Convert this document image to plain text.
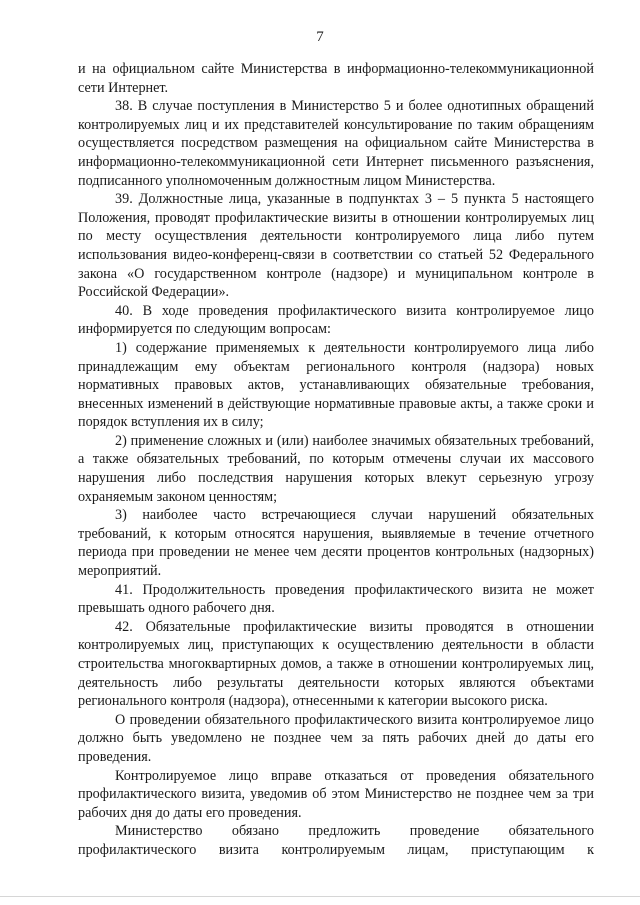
7

и на официальном сайте Министерства в информационно-телекоммуникационной сети Интернет.

38. В случае поступления в Министерство 5 и более однотипных обращений контролируемых лиц и их представителей консультирование по таким обращениям осуществляется посредством размещения на официальном сайте Министерства в информационно-телекоммуникационной сети Интернет письменного разъяснения, подписанного уполномоченным должностным лицом Министерства.

39. Должностные лица, указанные в подпунктах 3 – 5 пункта 5 настоящего Положения, проводят профилактические визиты в отношении контролируемых лиц по месту осуществления деятельности контролируемого лица либо путем использования видео-конференц-связи в соответствии со статьей 52 Федерального закона «О государственном контроле (надзоре) и муниципальном контроле в Российской Федерации».

40. В ходе проведения профилактического визита контролируемое лицо информируется по следующим вопросам:

1) содержание применяемых к деятельности контролируемого лица либо принадлежащим ему объектам регионального контроля (надзора) новых нормативных правовых актов, устанавливающих обязательные требования, внесенных изменений в действующие нормативные правовые акты, а также сроки и порядок вступления их в силу;

2) применение сложных и (или) наиболее значимых обязательных требований, а также обязательных требований, по которым отмечены случаи их массового нарушения либо последствия нарушения которых влекут серьезную угрозу охраняемым законом ценностям;

3) наиболее часто встречающиеся случаи нарушений обязательных требований, к которым относятся нарушения, выявляемые в течение отчетного периода при проведении не менее чем десяти процентов контрольных (надзорных) мероприятий.

41. Продолжительность проведения профилактического визита не может превышать одного рабочего дня.

42. Обязательные профилактические визиты проводятся в отношении контролируемых лиц, приступающих к осуществлению деятельности в области строительства многоквартирных домов, а также в отношении контролируемых лиц, деятельность либо результаты деятельности которых являются объектами регионального контроля (надзора), отнесенными к категории высокого риска.

О проведении обязательного профилактического визита контролируемое лицо должно быть уведомлено не позднее чем за пять рабочих дней до даты его проведения.

Контролируемое лицо вправе отказаться от проведения обязательного профилактического визита, уведомив об этом Министерство не позднее чем за три рабочих дня до даты его проведения.

Министерство обязано предложить проведение обязательного профилактического визита контролируемым лицам, приступающим к
